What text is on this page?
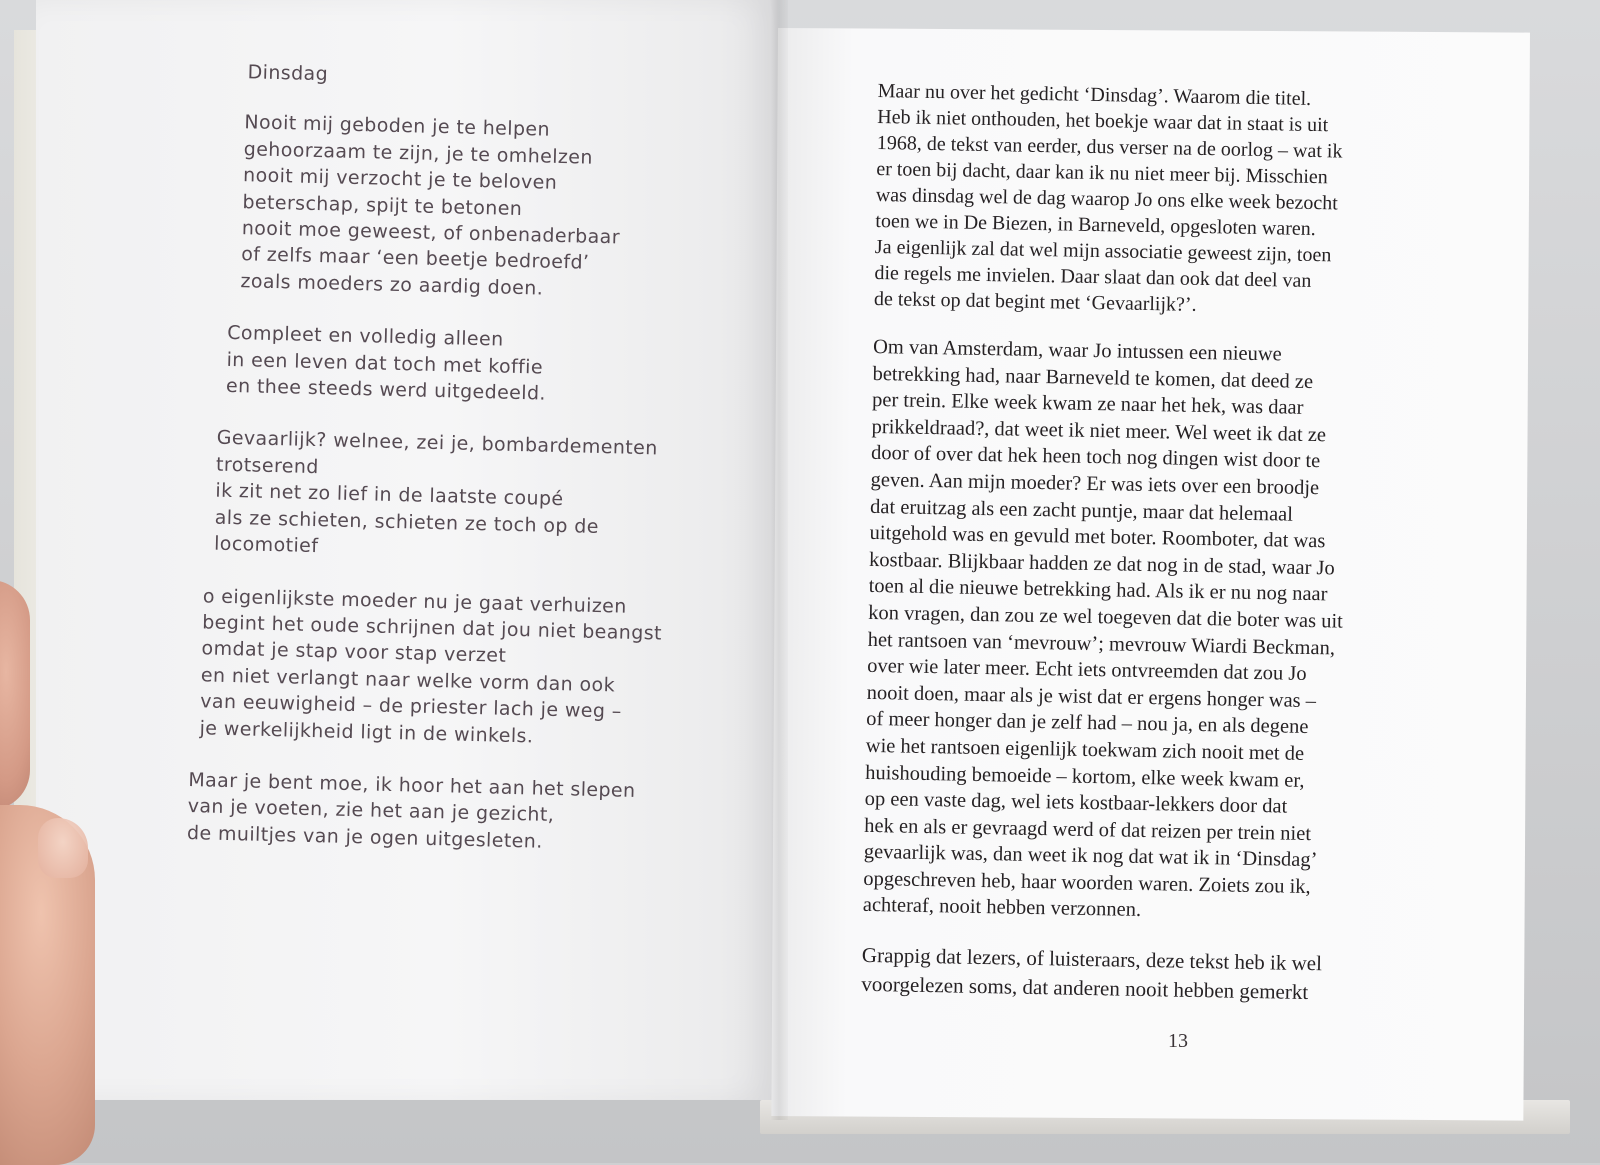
Dinsdag
Nooit mij geboden je te helpen
gehoorzaam te zijn, je te omhelzen
nooit mij verzocht je te beloven
beterschap, spijt te betonen
nooit moe geweest, of onbenaderbaar
of zelfs maar ‘een beetje bedroefd’
zoals moeders zo aardig doen.
Compleet en volledig alleen
in een leven dat toch met koffie
en thee steeds werd uitgedeeld.
Gevaarlijk? welnee, zei je, bombardementen
trotserend
ik zit net zo lief in de laatste coupé
als ze schieten, schieten ze toch op de
locomotief
o eigenlijkste moeder nu je gaat verhuizen
begint het oude schrijnen dat jou niet beangst
omdat je stap voor stap verzet
en niet verlangt naar welke vorm dan ook
van eeuwigheid – de priester lach je weg –
je werkelijkheid ligt in de winkels.
Maar je bent moe, ik hoor het aan het slepen
van je voeten, zie het aan je gezicht,
de muiltjes van je ogen uitgesleten.
Maar nu over het gedicht ‘Dinsdag’. Waarom die titel.
Heb ik niet onthouden, het boekje waar dat in staat is uit
1968, de tekst van eerder, dus verser na de oorlog – wat ik
er toen bij dacht, daar kan ik nu niet meer bij. Misschien
was dinsdag wel de dag waarop Jo ons elke week bezocht
toen we in De Biezen, in Barneveld, opgesloten waren.
Ja eigenlijk zal dat wel mijn associatie geweest zijn, toen
die regels me invielen. Daar slaat dan ook dat deel van
de tekst op dat begint met ‘Gevaarlijk?’.
Om van Amsterdam, waar Jo intussen een nieuwe
betrekking had, naar Barneveld te komen, dat deed ze
per trein. Elke week kwam ze naar het hek, was daar
prikkeldraad?, dat weet ik niet meer. Wel weet ik dat ze
door of over dat hek heen toch nog dingen wist door te
geven. Aan mijn moeder? Er was iets over een broodje
dat eruitzag als een zacht puntje, maar dat helemaal
uitgehold was en gevuld met boter. Roomboter, dat was
kostbaar. Blijkbaar hadden ze dat nog in de stad, waar Jo
toen al die nieuwe betrekking had. Als ik er nu nog naar
kon vragen, dan zou ze wel toegeven dat die boter was uit
het rantsoen van ‘mevrouw’; mevrouw Wiardi Beckman,
over wie later meer. Echt iets ontvreemden dat zou Jo
nooit doen, maar als je wist dat er ergens honger was –
of meer honger dan je zelf had – nou ja, en als degene
wie het rantsoen eigenlijk toekwam zich nooit met de
huishouding bemoeide – kortom, elke week kwam er,
op een vaste dag, wel iets kostbaar-lekkers door dat
hek en als er gevraagd werd of dat reizen per trein niet
gevaarlijk was, dan weet ik nog dat wat ik in ‘Dinsdag’
opgeschreven heb, haar woorden waren. Zoiets zou ik,
achteraf, nooit hebben verzonnen.
Grappig dat lezers, of luisteraars, deze tekst heb ik wel
voorgelezen soms, dat anderen nooit hebben gemerkt
13
